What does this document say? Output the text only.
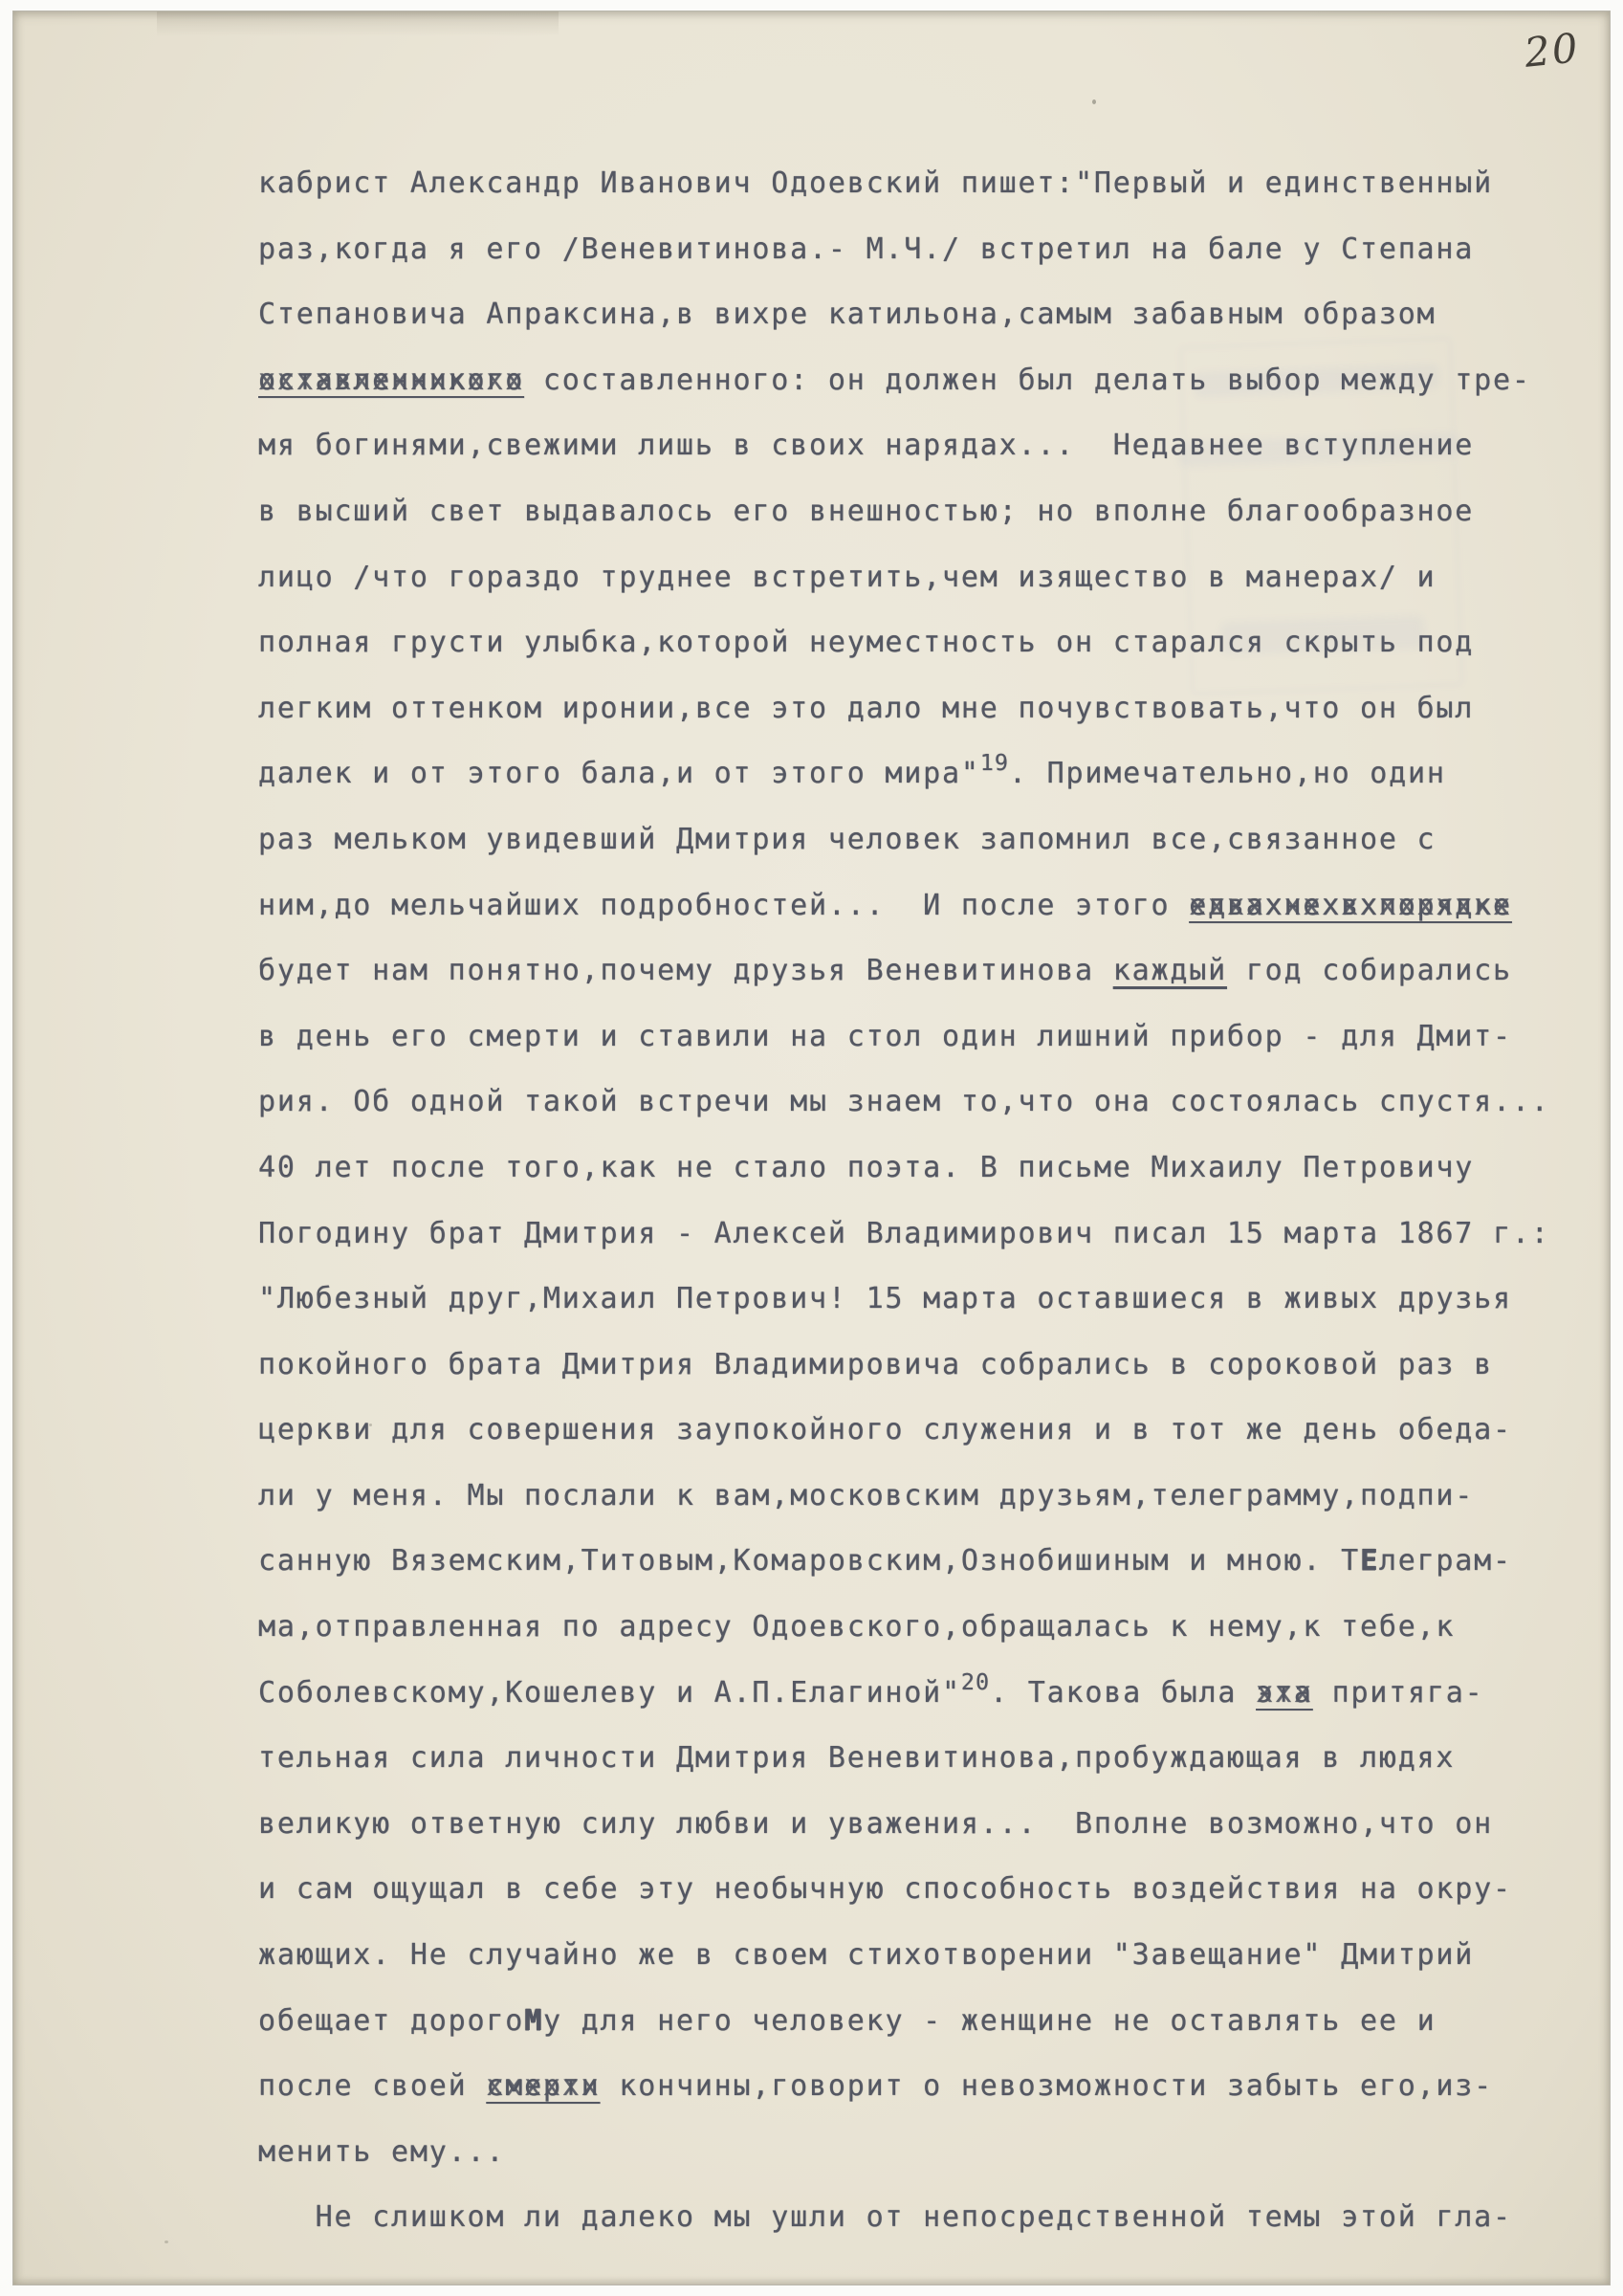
20
кабрист Александр Иванович Одоевский пишет:"Первый и единственный
раз,когда я его /Веневитинова.- М.Ч./ встретил на бале у Степана
Степановича Апраксина,в вихре катильона,самым забавным образом
оставленникого хххххххххххххх составленного: он должен был делать выбор между тре-
мя богинями,свежими лишь в своих нарядах...  Недавнее вступление
в высший свет выдавалось его внешностью; но вполне благообразное
лицо /что гораздо труднее встретить,чем изящество в манерах/ и
полная грусти улыбка,которой неуместность он старался скрыть под
легким оттенком иронии,все это дало мне почувствовать,что он был
далек и от этого бала,и от этого мира"$^{19}$. Примечательно,но один
раз мельком увидевший Дмитрия человек запомнил все,связанное с
ним,до мельчайших подробностей...  И после этого едвахнехвхпорядке ххххххххххххххххх
будет нам понятно,почему друзья Веневитинова каждый год собирались
в день его смерти и ставили на стол один лишний прибор - для Дмит-
рия. Об одной такой встречи мы знаем то,что она состоялась спустя...
40 лет после того,как не стало поэта. В письме Михаилу Петровичу
Погодину брат Дмитрия - Алексей Владимирович писал 15 марта 1867 г.:
"Любезный друг,Михаил Петрович! 15 марта оставшиеся в живых друзья
покойного брата Дмитрия Владимировича собрались в сороковой раз в
церкви для совершения заупокойного служения и в тот же день обеда-
ли у меня. Мы послали к вам,московским друзьям,телеграмму,подпи-
санную Вяземским,Титовым,Комаровским,Ознобишиным и мною. ТЕлеграм-
ма,отправленная по адресу Одоевского,обращалась к нему,к тебе,к
Соболевскому,Кошелеву и А.П.Елагиной"$^{20}$. Такова была эта ххх притяга-
тельная сила личности Дмитрия Веневитинова,пробуждающая в людях
великую ответную силу любви и уважения...  Вполне возможно,что он
и сам ощущал в себе эту необычную способность воздействия на окру-
жающих. Не случайно же в своем стихотворении "Завещание" Дмитрий
обещает дорогоМу для него человеку - женщине не оставлять ее и
после своей смерти хххххх кончины,говорит о невозможности забыть его,из-
менить ему...
Не слишком ли далеко мы ушли от непосредственной темы этой гла-
